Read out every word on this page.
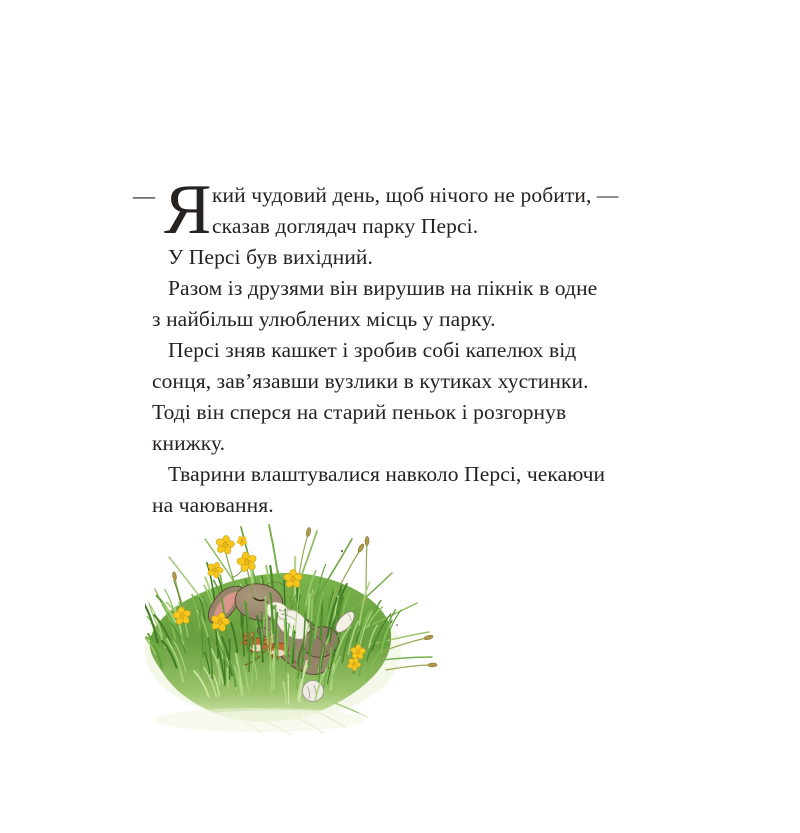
— Я кий чудовий день, щоб нічого не робити, —
сказав доглядач парку Персі.
У Персі був вихідний.
Разом із друзями він вирушив на пікнік в одне
з найбільш улюблених місць у парку.
Персі зняв кашкет і зробив собі капелюх від
сонця, зав’язавши вузлики в кутиках хустинки.
Тоді він сперся на старий пеньок і розгорнув
книжку.
Тварини влаштувалися навколо Персі, чекаючи
на чаювання.
